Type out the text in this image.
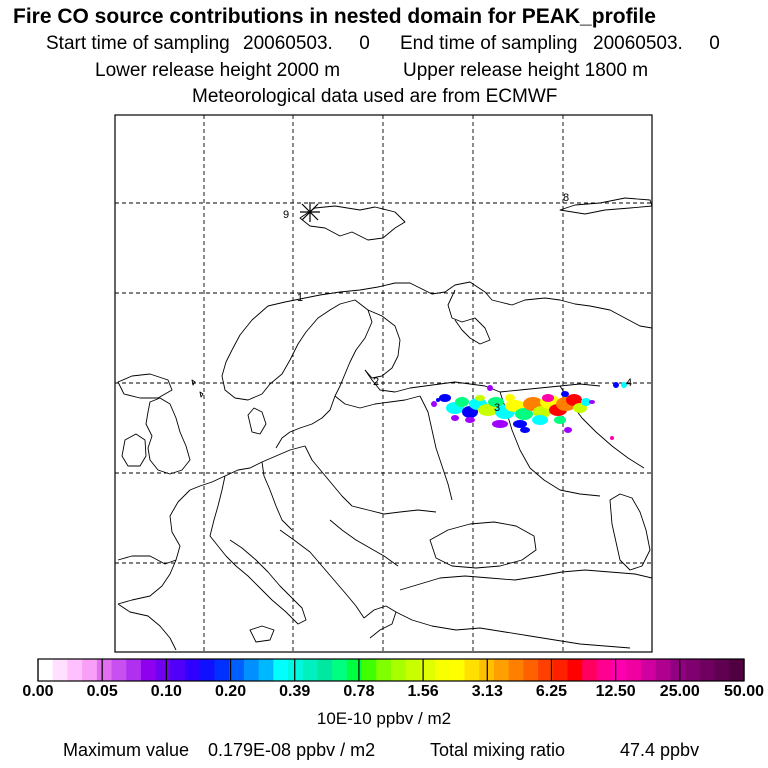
Fire CO source contributions in nested domain for PEAK_profile
Start time of sampling 20060503.     0 End time of sampling 20060503.     0
Lower release height 2000 m	Upper release height 1800 m
Meteorological data used are from ECMWF
9
8
1
2
3
4
0.00 0.05 0.10 0.20 0.39 0.78 1.56 3.13 6.25 12.50 25.00 50.00
10E-10 ppbv / m2
Maximum value 0.179E-08 ppbv / m2	Total mixing ratio	47.4 ppbv
